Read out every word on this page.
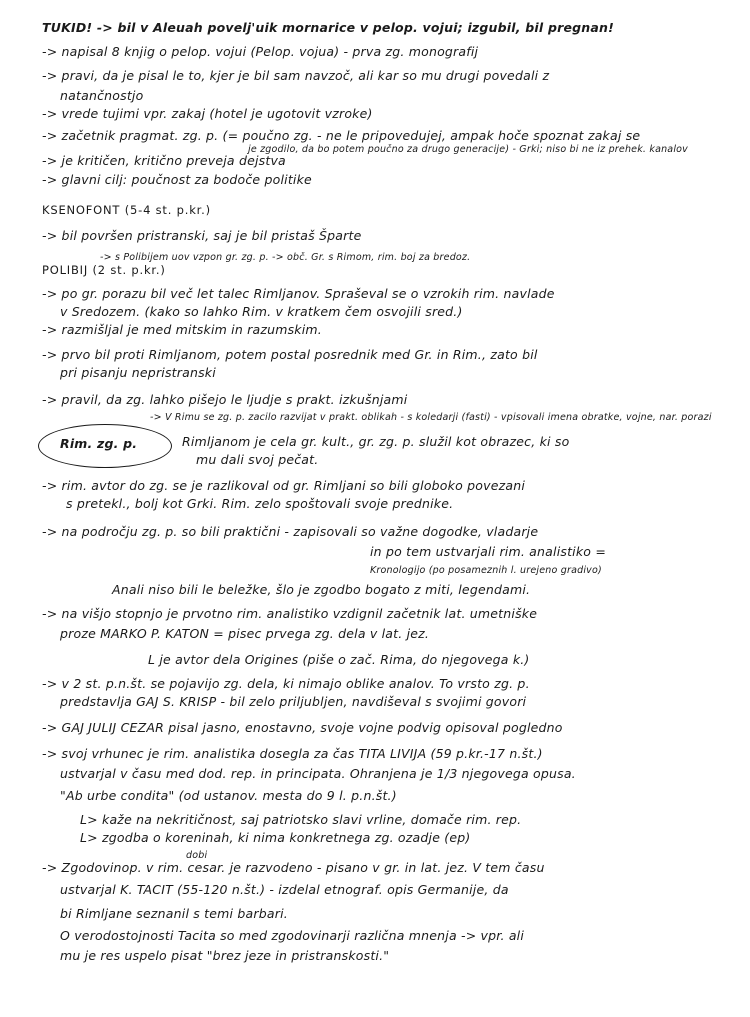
TUKID! -> bil v Aleuah povelj'uik mornarice v pelop. vojui; izgubil, bil pregnan!
-> napisal 8 knjig o pelop. vojui (Pelop. vojua) - prva zg. monografij
-> pravi, da je pisal le to, kjer je bil sam navzoč, ali kar so mu drugi povedali z
natančnostjo
-> vrede tujimi vpr. zakaj (hotel je ugotovit vzroke)
-> začetnik pragmat. zg. p. (= poučno zg. - ne le pripovedujej, ampak hoče spoznat zakaj se
je zgodilo, da bo potem poučno za drugo generacije) - Grki; niso bi ne iz prehek. kanalov
-> je kritičen, kritično preveja dejstva
-> glavni cilj: poučnost za bodoče politike
KSENOFONT (5-4 st. p.kr.)
-> bil površen pristranski, saj je bil pristaš Šparte
-> s Polibijem uov vzpon gr. zg. p. -> obč. Gr. s Rimom, rim. boj za bredoz.
POLIBIJ (2 st. p.kr.)
-> po gr. porazu bil več let talec Rimljanov. Spraševal se o vzrokih rim. navlade
v Sredozem. (kako so lahko Rim. v kratkem čem osvojili sred.)
-> razmišljal je med mitskim in razumskim.
-> prvo bil proti Rimljanom, potem postal posrednik med Gr. in Rim., zato bil
pri pisanju nepristranski
-> pravil, da zg. lahko pišejo le ljudje s prakt. izkušnjami
-> V Rimu se zg. p. zacilo razvijat v prakt. oblikah - s koledarji (fasti) - vpisovali imena obratke, vojne, nar. porazi
Rim. zg. p.	Rimljanom je cela gr. kult., gr. zg. p. služil kot obrazec, ki so
mu dali svoj pečat.
-> rim. avtor do zg. se je razlikoval od gr. Rimljani so bili globoko povezani
s pretekl., bolj kot Grki. Rim. zelo spoštovali svoje prednike.
-> na področju zg. p. so bili praktični - zapisovali so važne dogodke, vladarje
in po tem ustvarjali rim. analistiko =
Kronologijo (po posameznih l. urejeno gradivo)
Anali niso bili le beležke, šlo je zgodbo bogato z miti, legendami.
-> na višjo stopnjo je prvotno rim. analistiko vzdignil začetnik lat. umetniške
proze MARKO P. KATON = pisec prvega zg. dela v lat. jez.
L je avtor dela Origines (piše o zač. Rima, do njegovega k.)
-> v 2 st. p.n.št. se pojavijo zg. dela, ki nimajo oblike analov. To vrsto zg. p.
predstavlja GAJ S. KRISP - bil zelo priljubljen, navdiševal s svojimi govori
-> GAJ JULIJ CEZAR pisal jasno, enostavno, svoje vojne podvig opisoval pogledno
-> svoj vrhunec je rim. analistika dosegla za čas TITA LIVIJA (59 p.kr.-17 n.št.)
ustvarjal v času med dod. rep. in principata. Ohranjena je 1/3 njegovega opusa.
"Ab urbe condita" (od ustanov. mesta do 9 l. p.n.št.)
L> kaže na nekritičnost, saj patriotsko slavi vrline, domače rim. rep.
L> zgodba o koreninah, ki nima konkretnega zg. ozadje (ep)
dobi
-> Zgodovinop. v rim. cesar. je razvodeno - pisano v gr. in lat. jez. V tem času
ustvarjal K. TACIT (55-120 n.št.) - izdelal etnograf. opis Germanije, da
bi Rimljane seznanil s temi barbari.
O verodostojnosti Tacita so med zgodovinarji različna mnenja -> vpr. ali
mu je res uspelo pisat "brez jeze in pristranskosti."
